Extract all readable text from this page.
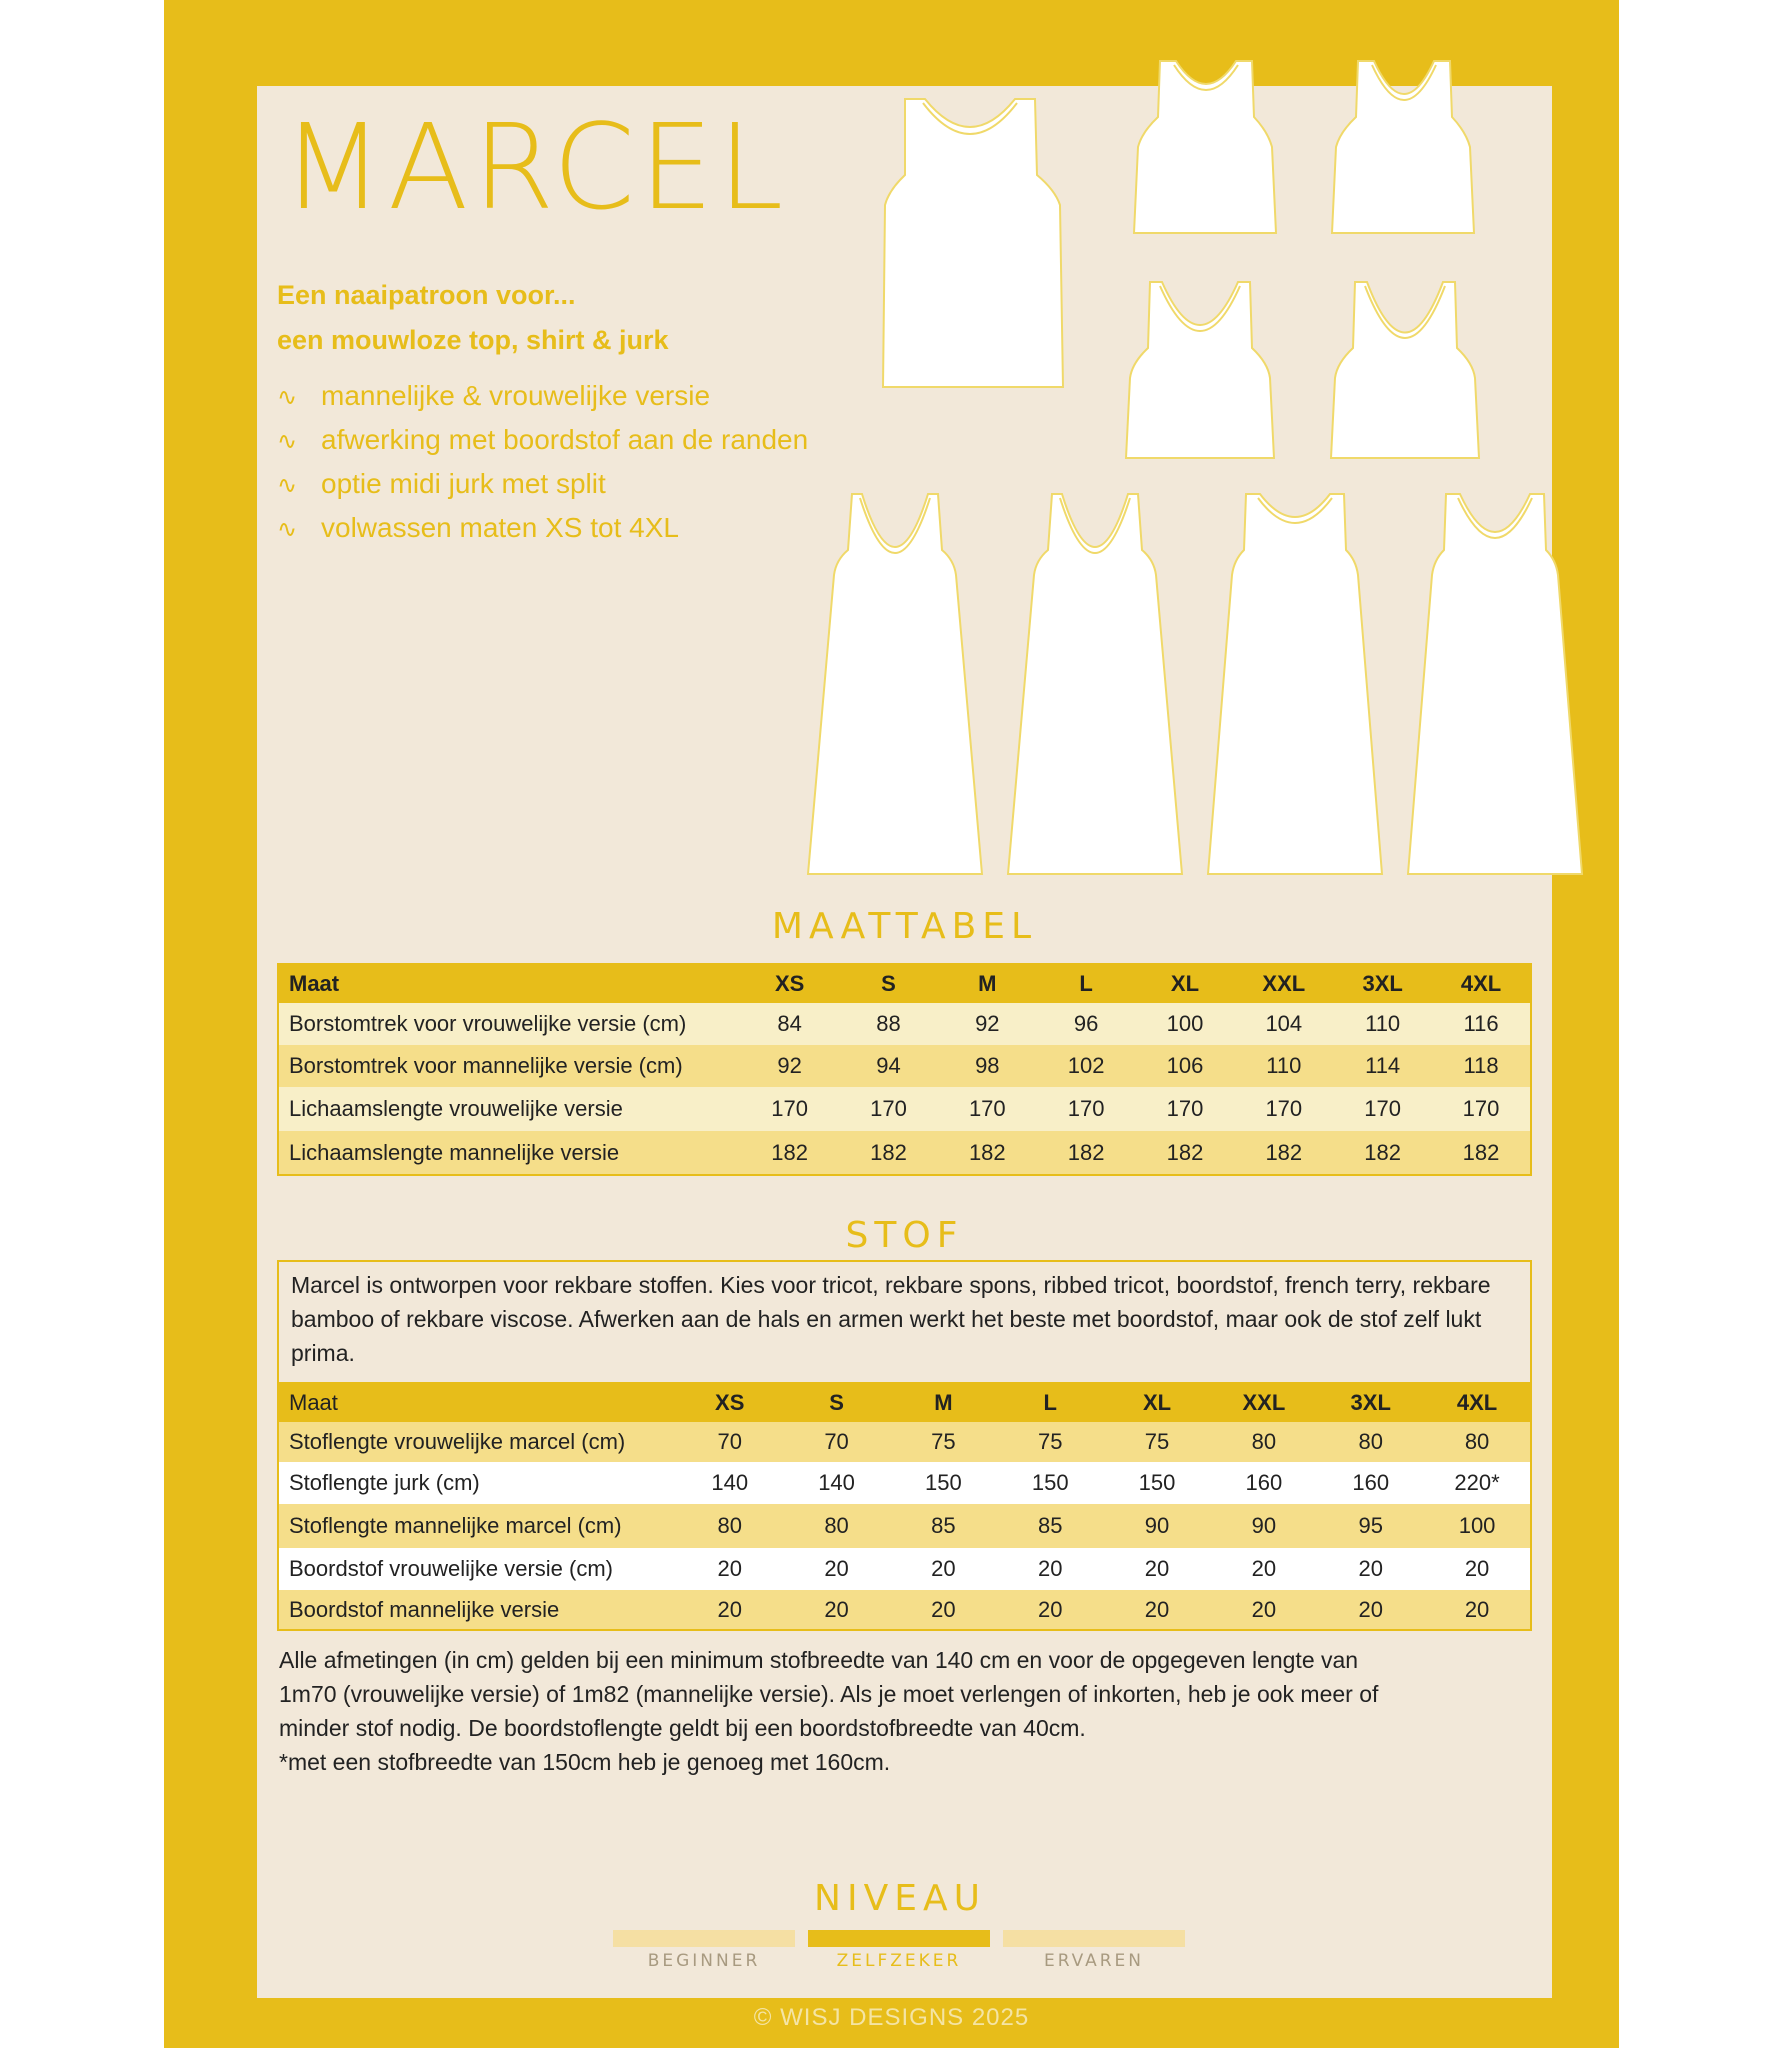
MARCEL
Een naaipatroon voor...
een mouwloze top, shirt & jurk
∿ mannelijke & vrouwelijke versie
∿ afwerking met boordstof aan de randen
∿ optie midi jurk met split
∿ volwassen maten XS tot 4XL
MAATTABEL
Maat	XS	S	M	L	XL	XXL	3XL	4XL
Borstomtrek voor vrouwelijke versie (cm)	84	88	92	96	100	104	110	116
Borstomtrek voor mannelijke versie (cm)	92	94	98	102	106	110	114	118
Lichaamslengte vrouwelijke versie	170	170	170	170	170	170	170	170
Lichaamslengte mannelijke versie	182	182	182	182	182	182	182	182
STOF
Marcel is ontworpen voor rekbare stoffen. Kies voor tricot, rekbare spons, ribbed tricot, boordstof, french terry, rekbare bamboo of rekbare viscose. Afwerken aan de hals en armen werkt het beste met boordstof, maar ook de stof zelf lukt prima.
Maat	XS	S	M	L	XL	XXL	3XL	4XL
Stoflengte vrouwelijke marcel (cm)	70	70	75	75	75	80	80	80
Stoflengte jurk (cm)	140	140	150	150	150	160	160	220*
Stoflengte mannelijke marcel (cm)	80	80	85	85	90	90	95	100
Boordstof vrouwelijke versie (cm)	20	20	20	20	20	20	20	20
Boordstof mannelijke versie	20	20	20	20	20	20	20	20
Alle afmetingen (in cm) gelden bij een minimum stofbreedte van 140 cm en voor de opgegeven lengte van
1m70 (vrouwelijke versie) of 1m82 (mannelijke versie). Als je moet verlengen of inkorten, heb je ook meer of
minder stof nodig. De boordstoflengte geldt bij een boordstofbreedte van 40cm.
*met een stofbreedte van 150cm heb je genoeg met 160cm.
NIVEAU
BEGINNER	ZELFZEKER	ERVAREN
© WISJ DESIGNS 2025
